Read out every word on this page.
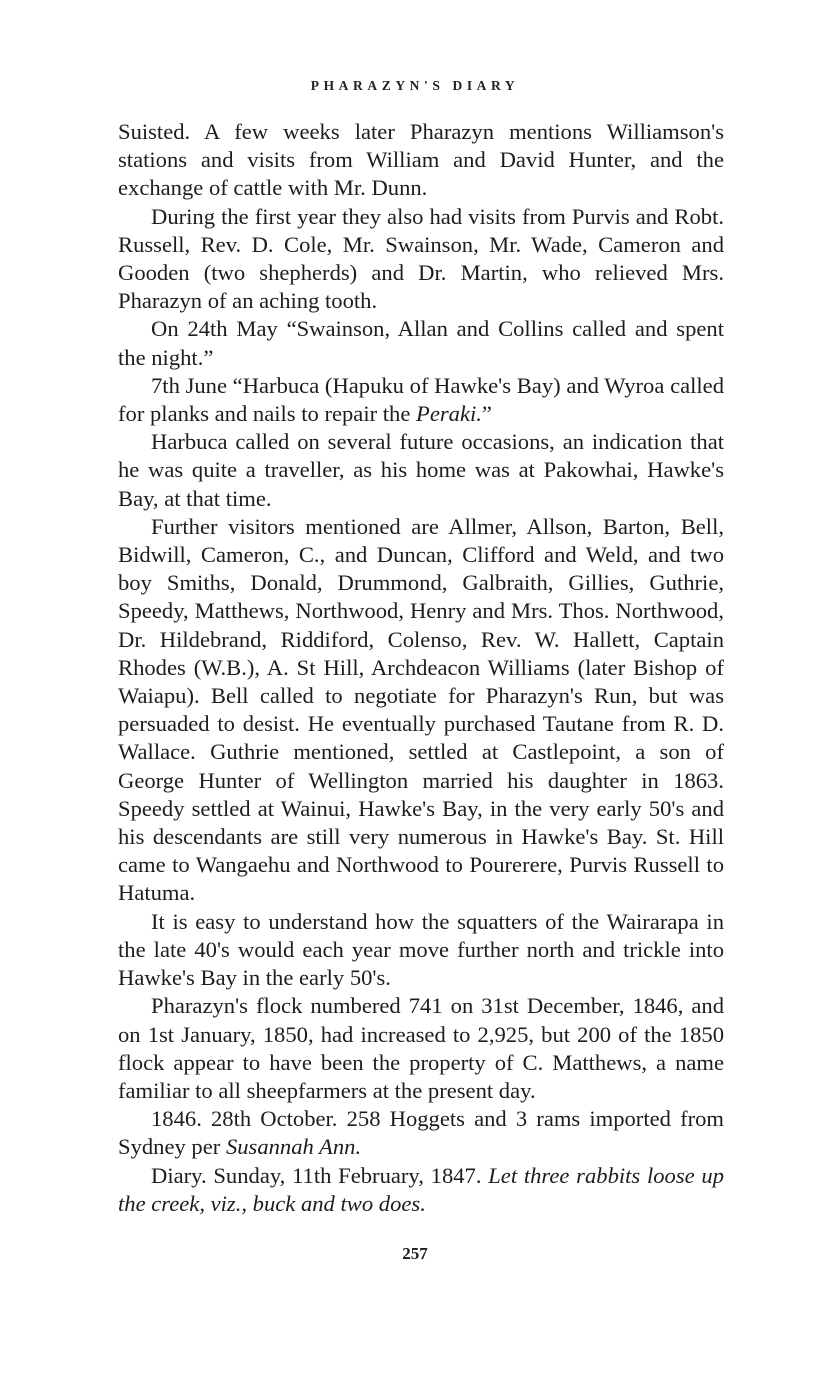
PHARAZYN'S DIARY

Suisted. A few weeks later Pharazyn mentions Williamson's stations and visits from William and David Hunter, and the exchange of cattle with Mr. Dunn.

During the first year they also had visits from Purvis and Robt. Russell, Rev. D. Cole, Mr. Swainson, Mr. Wade, Cameron and Gooden (two shepherds) and Dr. Martin, who relieved Mrs. Pharazyn of an aching tooth.

On 24th May “Swainson, Allan and Collins called and spent the night.”

7th June “Harbuca (Hapuku of Hawke's Bay) and Wyroa called for planks and nails to repair the Peraki.”

Harbuca called on several future occasions, an indication that he was quite a traveller, as his home was at Pakowhai, Hawke's Bay, at that time.

Further visitors mentioned are Allmer, Allson, Barton, Bell, Bidwill, Cameron, C., and Duncan, Clifford and Weld, and two boy Smiths, Donald, Drummond, Galbraith, Gillies, Guthrie, Speedy, Matthews, Northwood, Henry and Mrs. Thos. Northwood, Dr. Hildebrand, Riddiford, Colenso, Rev. W. Hallett, Captain Rhodes (W.B.), A. St Hill, Archdeacon Williams (later Bishop of Waiapu). Bell called to negotiate for Pharazyn's Run, but was persuaded to desist. He eventually purchased Tautane from R. D. Wallace. Guthrie mentioned, settled at Castlepoint, a son of George Hunter of Wellington married his daughter in 1863. Speedy settled at Wainui, Hawke's Bay, in the very early 50's and his descendants are still very numerous in Hawke's Bay. St. Hill came to Wangaehu and Northwood to Pourerere, Purvis Russell to Hatuma.

It is easy to understand how the squatters of the Wairarapa in the late 40's would each year move further north and trickle into Hawke's Bay in the early 50's.

Pharazyn's flock numbered 741 on 31st December, 1846, and on 1st January, 1850, had increased to 2,925, but 200 of the 1850 flock appear to have been the property of C. Matthews, a name familiar to all sheepfarmers at the present day.

1846. 28th October. 258 Hoggets and 3 rams imported from Sydney per Susannah Ann.

Diary. Sunday, 11th February, 1847. Let three rabbits loose up the creek, viz., buck and two does.

257
